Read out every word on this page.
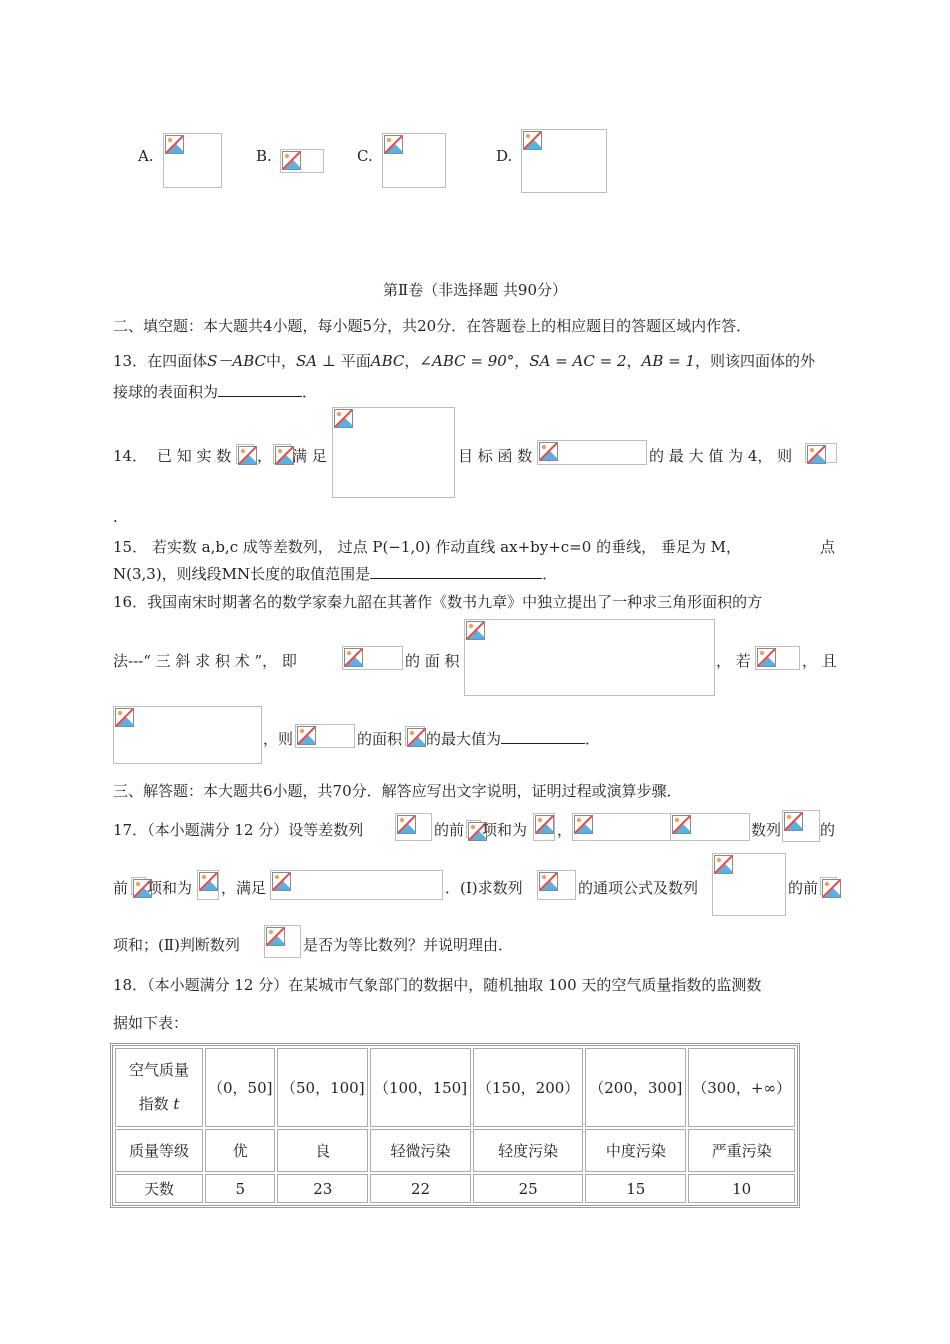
A.	B.	C.	D.
第Ⅱ卷（非选择题 共90分）
二、填空题：本大题共4小题，每小题5分，共20分．在答题卷上的相应题目的答题区域内作答．
13．在四面体S－ABC中，SA ⊥ 平面ABC，∠ABC = 90°，SA = AC = 2，AB = 1，则该四面体的外
接球的表面积为	．
14． 已 知 实 数 ， 满 足	目 标 函 数	的 最 大 值 为 4， 则
.
15． 若实数 a,b,c 成等差数列， 过点 P(−1,0) 作动直线 ax+by+c=0 的垂线， 垂足为 M，	点
N(3,3)，则线段MN长度的取值范围是	．
16．我国南宋时期著名的数学家秦九韶在其著作《数书九章》中独立提出了一种求三角形面积的方
法---“ 三 斜 求 积 术 ”， 即	的 面 积	， 若	， 且
，则	的面积 的最大值为	．
三、解答题：本大题共6小题，共70分．解答应写出文字说明，证明过程或演算步骤．
17．（本小题满分 12 分）设等差数列	的前 项和为 ，	数列	的
前 项和为 ，满足	．(Ⅰ)求数列	的通项公式及数列	的前
项和；(Ⅱ)判断数列	是否为等比数列？并说明理由．
18．（本小题满分 12 分）在某城市气象部门的数据中，随机抽取 100 天的空气质量指数的监测数
据如下表：
空气质量
指数 t	（0，50]	（50，100]	（100，150]	（150，200）	（200，300]	（300，+∞）
质量等级	优	良	轻微污染	轻度污染	中度污染	严重污染
天数	5	23	22	25	15	10
